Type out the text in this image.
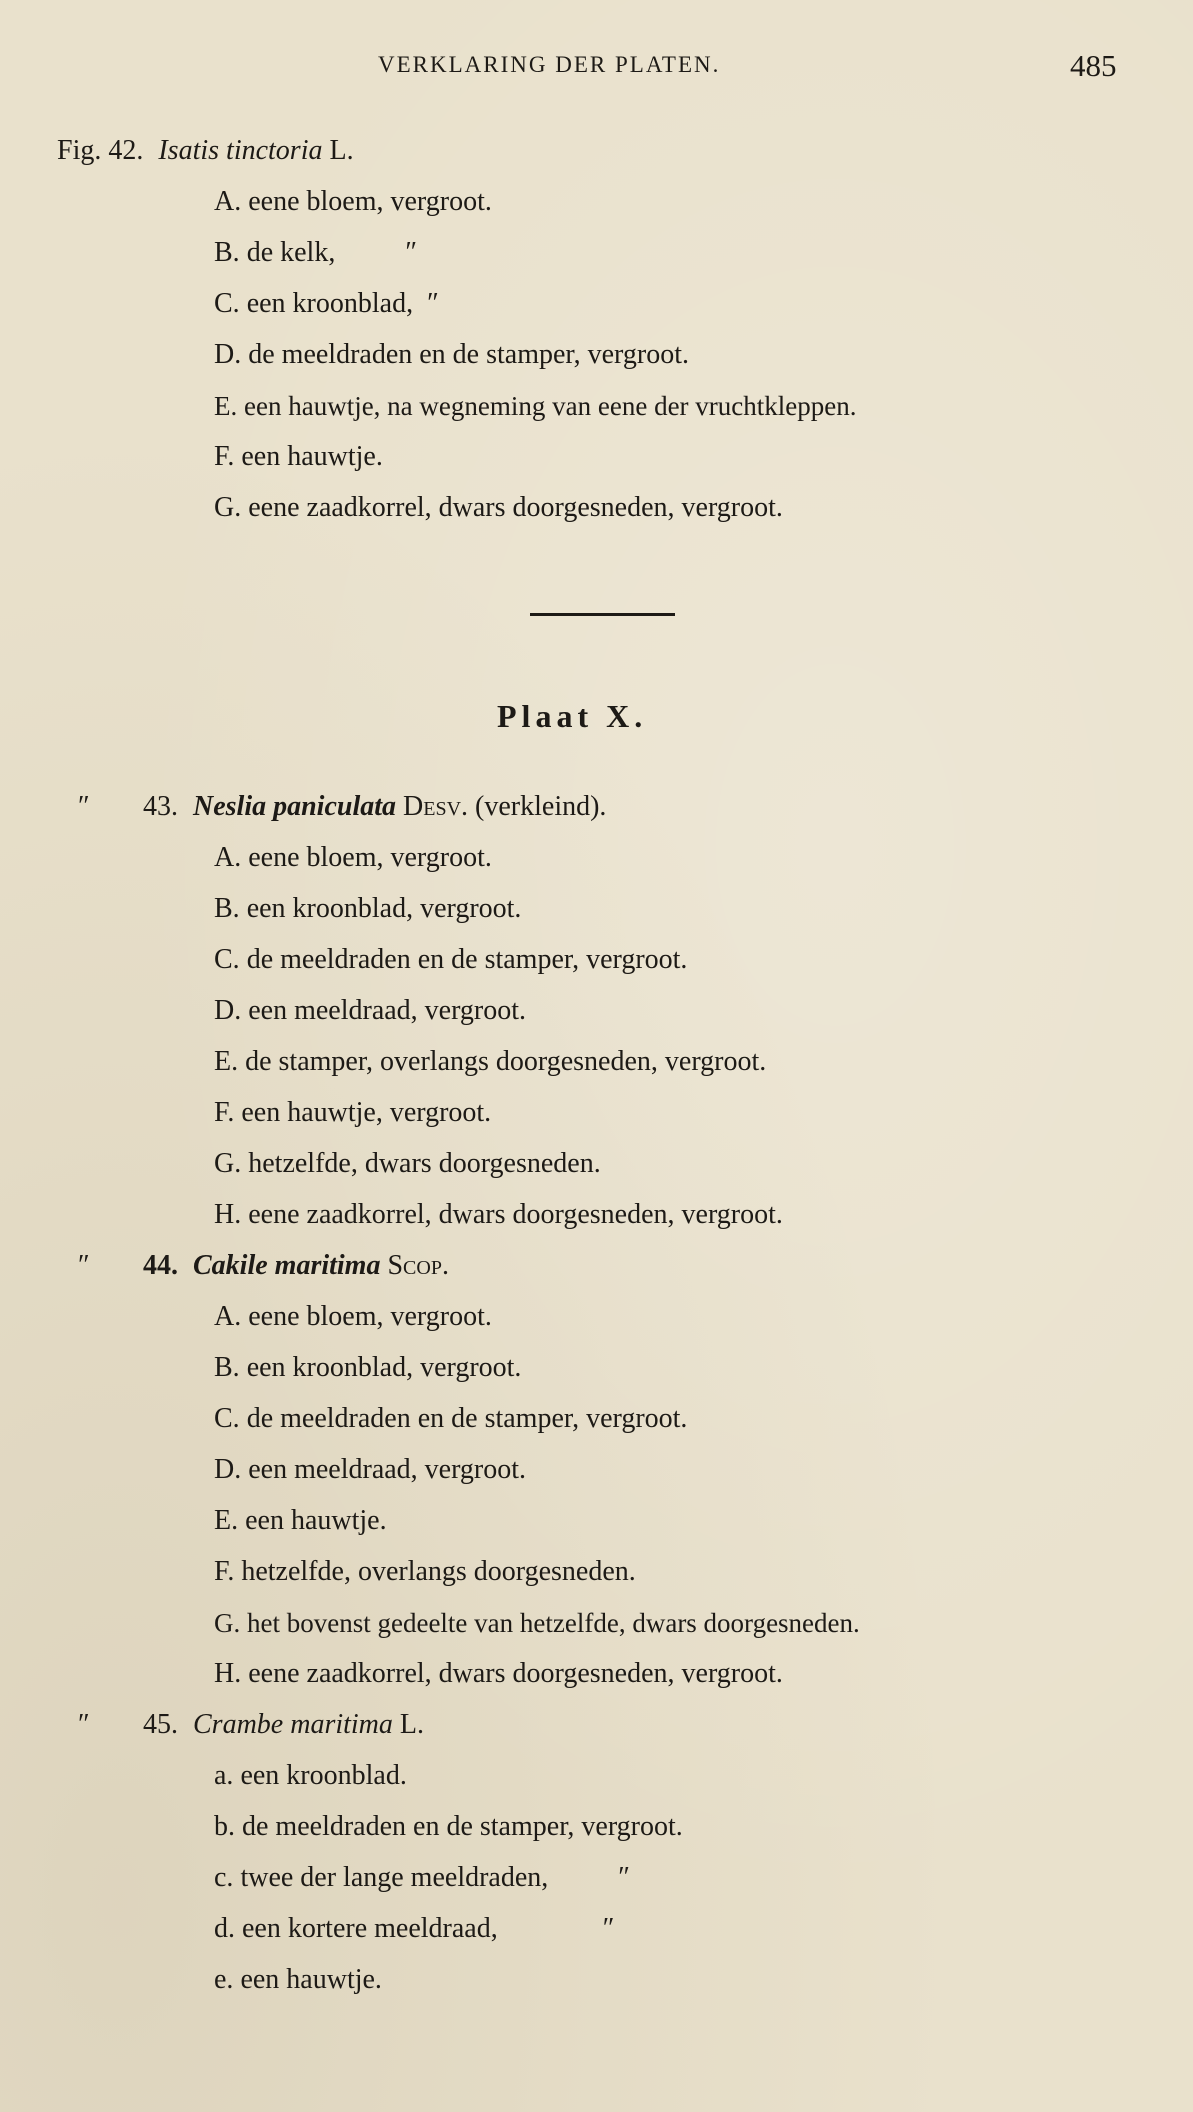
VERKLARING DER PLATEN.	485
Fig. 42. Isatis tinctoria L.
A. eene bloem, vergroot.
B. de kelk,          ″
C. een kroonblad,  ″
D. de meeldraden en de stamper, vergroot.
E. een hauwtje, na wegneming van eene der vruchtkleppen.
F. een hauwtje.
G. eene zaadkorrel, dwars doorgesneden, vergroot.
Plaat X.
″ 43. Neslia paniculata Desv. (verkleind).
A. eene bloem, vergroot.
B. een kroonblad, vergroot.
C. de meeldraden en de stamper, vergroot.
D. een meeldraad, vergroot.
E. de stamper, overlangs doorgesneden, vergroot.
F. een hauwtje, vergroot.
G. hetzelfde, dwars doorgesneden.
H. eene zaadkorrel, dwars doorgesneden, vergroot.
″ 44. Cakile maritima Scop.
A. eene bloem, vergroot.
B. een kroonblad, vergroot.
C. de meeldraden en de stamper, vergroot.
D. een meeldraad, vergroot.
E. een hauwtje.
F. hetzelfde, overlangs doorgesneden.
G. het bovenst gedeelte van hetzelfde, dwars doorgesneden.
H. eene zaadkorrel, dwars doorgesneden, vergroot.
″ 45. Crambe maritima L.
a. een kroonblad.
b. de meeldraden en de stamper, vergroot.
c. twee der lange meeldraden,          ″
d. een kortere meeldraad,               ″
e. een hauwtje.
